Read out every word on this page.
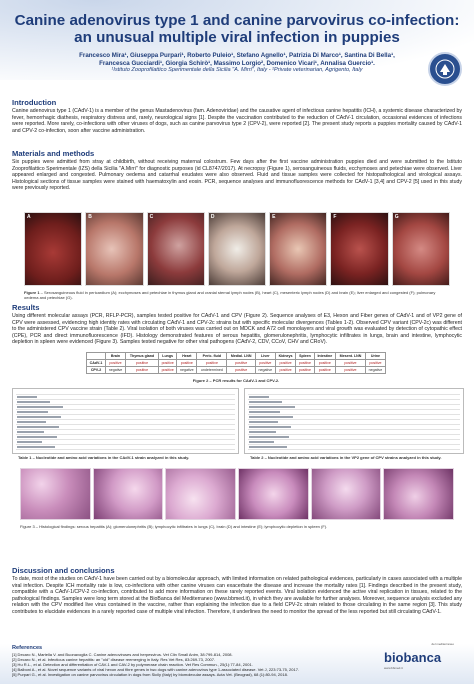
Canine adenovirus type 1 and canine parvovirus co-infection:
an unusual multiple viral infection in puppies
Francesco Mira¹, Giuseppa Purpari¹, Roberto Puleio¹, Stefano Agnello¹, Patrizia Di Marco¹, Santina Di Bella¹,
Francesca Gucciardi¹, Giorgia Schirò¹, Massimo Lorgio², Domenico Vicari¹, Annalisa Guercio¹.
¹Istituto Zooprofilattico Sperimentale della Sicilia "A. Mirri", Italy - ²Private veterinarian, Agrigento, Italy
Introduction
Canine adenovirus type 1 (CAdV-1) is a member of the genus Mastadenovirus (fam. Adenoviridae) and the causative agent of infectious canine hepatitis (ICH), a systemic disease characterized by fever, hemorrhagic diathesis, respiratory distress and, rarely, neurological signs [1]. Despite the vaccination contributed to the reduction of CAdV-1 circulation, occasional evidences of infections were reported. More rarely, co-infections with other viruses of dogs, such as canine parvovirus type 2 (CPV-2), were reported [2]. The present study reports a puppies mortality caused by CAdV-1 and CPV-2 co-infection, soon after vaccine administration.
Materials and methods
Six puppies were admitted from stray at childbirth, without receiving maternal colostrum. Few days after the first vaccine administration puppies died and were submitted to the Istituto Zooprofilattico Sperimentale (IZS) della Sicilia "A.Mirri" for diagnostic purposes (id CL8747/2017). At necropsy (Figure 1), serosanguineous fluids, ecchymoses and petechiae were observed. Liver appeared enlarged and congested. Pulmonary oedema and catarrhal exudates were also observed. Fluid and tissue samples were collected for histopathological and virological assays. Histological sections of tissue samples were stained with haematoxylin and eosin. PCR, sequence analyses and immunofluorescence methods for CAdV-1 [3,4] and CPV-2 [5] used in this study were previously reported.
A	B	C	D	E	F	G
Figure 1 – Serosanguineous fluid in pericardium (A); ecchymoses and petechiae in thymus gland and cranial sternal lymph nodes (B), heart (C), mesenteric lymph nodes (D) and brain (E); liver enlarged and congested (F); pulmonary oedema and petechiae (G).
Results
Using different molecular assays (PCR, RFLP-PCR), samples tested positive for CAdV-1 and CPV (Figure 2). Sequence analyses of E3, Hexon and Fiber genes of CAdV-1 and of VP2 gene of CPV were assessed, evidencing high identity rates with circulating CAdV-1 and CPV-2c strains but with specific molecular divergences (Tables 1-2). Observed CPV variant (CPV-2c) was different to the administered CPV vaccine strain (Table 2). Viral isolation of both viruses was carried out on MDCK and A72 cell monolayers and viral growth was evaluated by detection of cytopathic effect (CPE), PCR and direct immunofluorescence (IFD). Histology demonstrated features of serous hepatitis, glomerulonephritis, lymphocytic infiltrates in lungs, brain and intestine, lymphocytic depletion in spleen were evidenced (Figure 3). Samples tested negative for other viral pathogens (CAdV-2, CDV, CCoV, CHV and CRoV).
	Brain	Thymus gland	Lungs	Heart	Peric. fluid	Medial. LNN	Liver	Kidneys	Spleen	Intestine	Mesent. LNN	Urine
CAdV-1	positive	positive	positive	positive	positive	positive	positive	positive	positive	positive	positive	positive
CPV-2	negative	positive	positive	negative	undetermined	positive	negative	positive	positive	positive	positive	negative
Figure 2 – PCR results for CAdV-1 and CPV-2.
Table 1 – Nucleotide and amino acid variations in the CAdV-1 strain analyzed in this study.	Table 2 – Nucleotide and amino acid variations in the VP2 gene of CPV strains analyzed in this study.
Figure 3 – Histological findings: serous hepatitis (A); glomerulonephritis (B); lymphocytic infiltrates in lungs (C), brain (D) and intestine (E); lymphocytic depletion in spleen (F).
Discussion and conclusions
To date, most of the studies on CAdV-1 have been carried out by a biomolecular approach, with limited information on related pathological evidences, particularly in cases associated with a multiple viral infection. Despite ICH mortality rate is low, co-infections with other canine viruses can exacerbate the disease and increase the mortality rates [1]. Findings described in the present study, compatible with a CAdV-1/CPV-2 co-infection, contributed to add more information on these rarely reported events. Viral isolation evidenced the active viral replication in tissues, related to the pathological findings. Samples were long term stored at the BioBanca del Mediterraneo (www.bbmed.it), in which they are available for further analyses. Moreover, sequence analysis excluded any relation with the CPV modified live virus contained in the vaccine, rather than explaining the infection due to a field CPV-2c strain related to those circulating in the same region [3]. This study contributes to elucidate evidences in a rarely reported case of multiple viral infection. Therefore, it underlines the need to monitor the spread of the less reported but still circulating CAdV-1.
References
[1] Decaro N., Martella V. and Buonavoglia C. Canine adenoviruses and herpesvirus. Vet Clin Small Anim, 38:799-814, 2008.
[2] Decaro N., et al. Infectious canine hepatitis: an "old" disease reemerging in Italy. Res Vet Res, 83:269-73, 2007.
[3] Hu R.L., et al. Detection and differentiation of CAV-1 and CAV-2 by polymerase chain reaction. Vet Res Commun., 25(1):77-84, 2001.
[4] Balboni A., et al. Novel sequence variants of viral hexon and fibre genes in two dogs with canine adenovirus type 1-associated disease. Vet J, 223:73-75, 2017.
[5] Purpari G., et al. Investigation on canine parvovirus circulation in dogs from Sicily (Italy) by biomolecular assays. Acta Vet. (Beograd), 68 (1):80-94, 2018.
del mediterraneo
biobanca
www.bbmed.it
